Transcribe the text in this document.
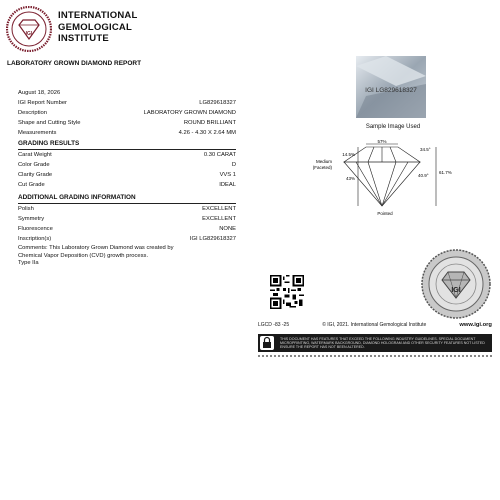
IGI
INTERNATIONAL
GEMOLOGICAL
INSTITUTE
LABORATORY GROWN DIAMOND REPORT
August 18, 2026
IGI Report Number	LG829618327
Description	LABORATORY GROWN DIAMOND
Shape and Cutting Style	ROUND BRILLIANT
Measurements	4.26 - 4.30 X 2.64 MM
GRADING RESULTS
Carat Weight	0.30 CARAT
Color Grade	D
Clarity Grade	VVS 1
Cut Grade	IDEAL
ADDITIONAL GRADING INFORMATION
Polish	EXCELLENT
Symmetry	EXCELLENT
Fluorescence	NONE
Inscription(s)	IGI LG829618327
Comments: This Laboratory Grown Diamond was created by
Chemical Vapor Deposition (CVD) growth process.
Type IIa
IGI LG829618327
Sample Image Used
57%
34.5°
14.5%
43%
40.9°
61.7%
Medium
(Faceted)
Pointed
IGI
LGCD -83 -25	© IGI, 2021. International Gemological Institute	www.igi.org
THIS DOCUMENT HAS FEATURES THAT EXCEED THE FOLLOWING INDUSTRY GUIDELINES. SPECIAL DOCUMENT MICROPRINTING, WATERMARK BACKGROUND, DIAMOND HOLOGRAM AND OTHER SECURITY FEATURES NOT LISTED ENSURE THE REPORT HAS NOT BEEN ALTERED.
